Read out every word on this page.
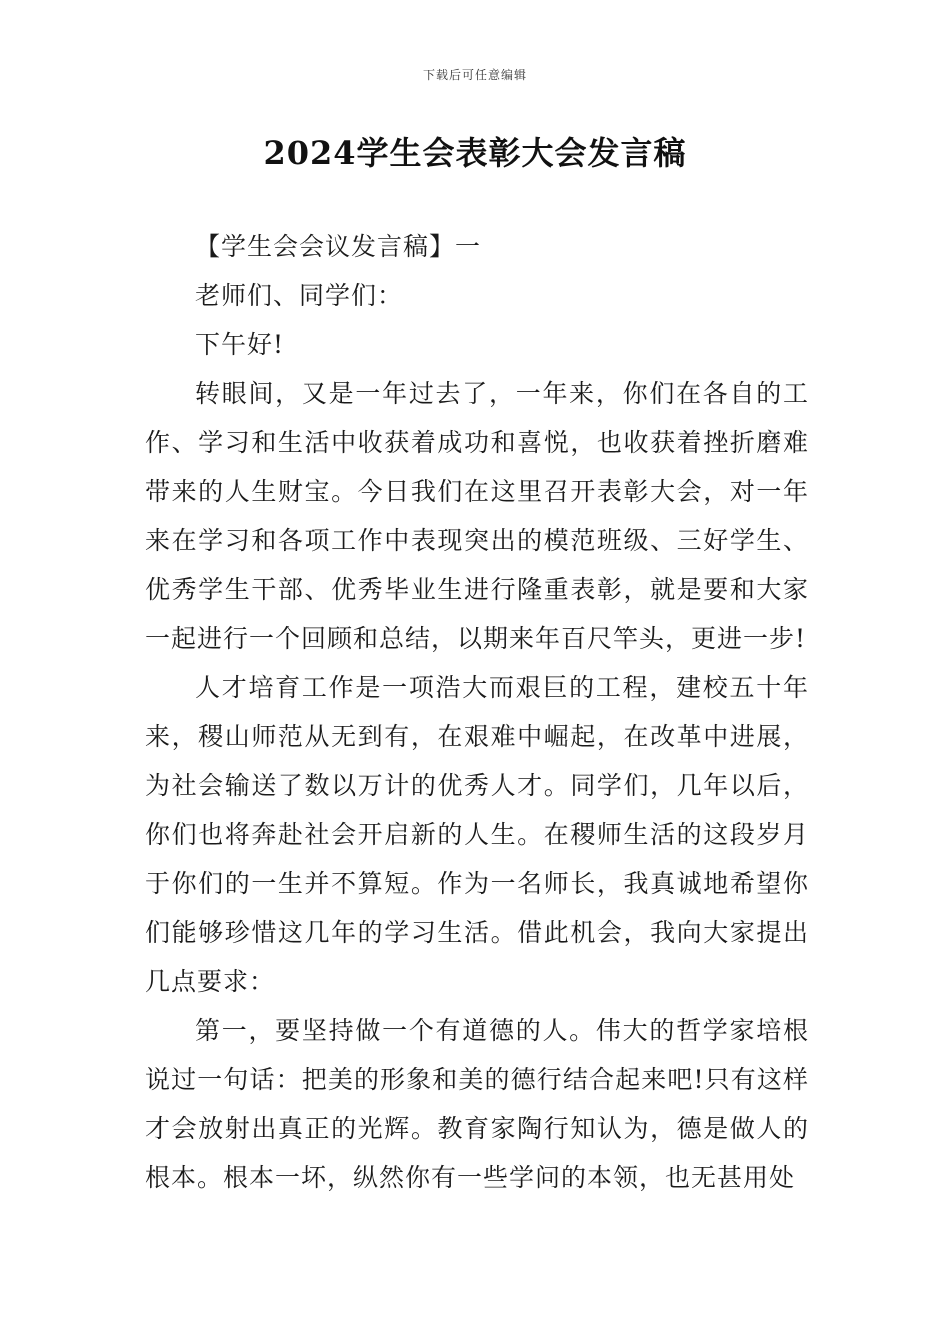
下载后可任意编辑
2024学生会表彰大会发言稿

【学生会会议发言稿】一

老师们、同学们：

下午好!

转眼间，又是一年过去了，一年来，你们在各自的工作、学习和生活中收获着成功和喜悦，也收获着挫折磨难带来的人生财宝。今日我们在这里召开表彰大会，对一年来在学习和各项工作中表现突出的模范班级、三好学生、优秀学生干部、优秀毕业生进行隆重表彰，就是要和大家一起进行一个回顾和总结，以期来年百尺竿头，更进一步!

人才培育工作是一项浩大而艰巨的工程，建校五十年来，稷山师范从无到有，在艰难中崛起，在改革中进展，为社会输送了数以万计的优秀人才。同学们，几年以后，你们也将奔赴社会开启新的人生。在稷师生活的这段岁月于你们的一生并不算短。作为一名师长，我真诚地希望你们能够珍惜这几年的学习生活。借此机会，我向大家提出几点要求：

第一，要坚持做一个有道德的人。伟大的哲学家培根说过一句话：把美的形象和美的德行结合起来吧!只有这样才会放射出真正的光辉。教育家陶行知认为，德是做人的根本。根本一坏，纵然你有一些学问的本领，也无甚用处
